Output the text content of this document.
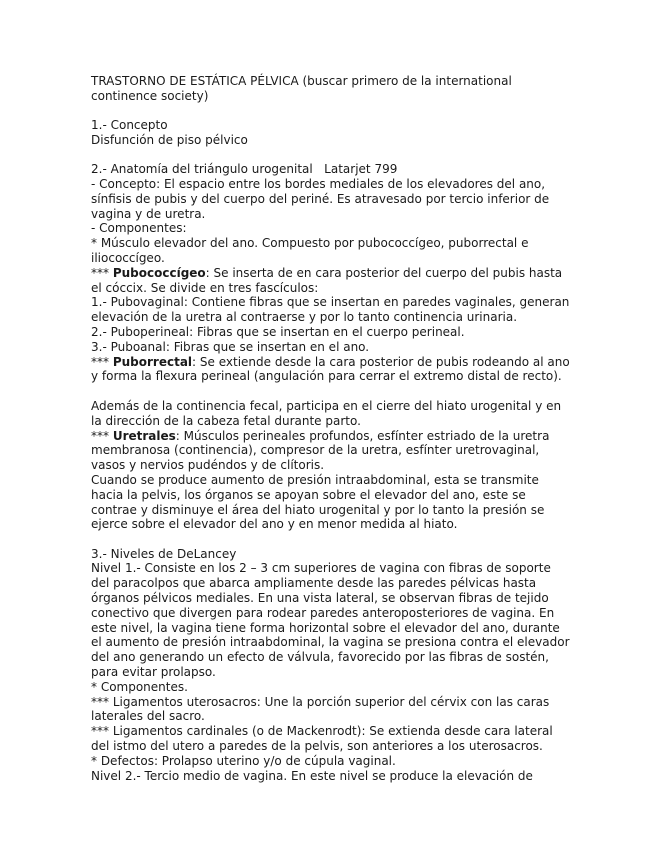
TRASTORNO DE ESTÁTICA PÉLVICA (buscar primero de la international continence society)
1.- Concepto
Disfunción de piso pélvico
2.- Anatomía del triángulo urogenital   Latarjet 799
- Concepto: El espacio entre los bordes mediales de los elevadores del ano, sínfisis de pubis y del cuerpo del periné. Es atravesado por tercio inferior de vagina y de uretra.
- Componentes:
* Músculo elevador del ano. Compuesto por pubococcígeo, puborrectal e iliococcígeo.
*** Pubococcígeo: Se inserta de en cara posterior del cuerpo del pubis hasta el cóccix. Se divide en tres fascículos:
1.- Pubovaginal: Contiene fibras que se insertan en paredes vaginales, generan elevación de la uretra al contraerse y por lo tanto continencia urinaria.
2.- Puboperineal: Fibras que se insertan en el cuerpo perineal.
3.- Puboanal: Fibras que se insertan en el ano.
*** Puborrectal: Se extiende desde la cara posterior de pubis rodeando al ano y forma la flexura perineal (angulación para cerrar el extremo distal de recto).
Además de la continencia fecal, participa en el cierre del hiato urogenital y en la dirección de la cabeza fetal durante parto.
*** Uretrales: Músculos perineales profundos, esfínter estriado de la uretra membranosa (continencia), compresor de la uretra, esfínter uretrovaginal, vasos y nervios pudéndos y de clítoris.
Cuando se produce aumento de presión intraabdominal, esta se transmite hacia la pelvis, los órganos se apoyan sobre el elevador del ano, este se contrae y disminuye el área del hiato urogenital y por lo tanto la presión se ejerce sobre el elevador del ano y en menor medida al hiato.
3.- Niveles de DeLancey
Nivel 1.- Consiste en los 2 – 3 cm superiores de vagina con fibras de soporte del paracolpos que abarca ampliamente desde las paredes pélvicas hasta órganos pélvicos mediales. En una vista lateral, se observan fibras de tejido conectivo que divergen para rodear paredes anteroposteriores de vagina. En este nivel, la vagina tiene forma horizontal sobre el elevador del ano, durante el aumento de presión intraabdominal, la vagina se presiona contra el elevador del ano generando un efecto de válvula, favorecido por las fibras de sostén, para evitar prolapso.
* Componentes.
*** Ligamentos uterosacros: Une la porción superior del cérvix con las caras laterales del sacro.
*** Ligamentos cardinales (o de Mackenrodt): Se extienda desde cara lateral del istmo del utero a paredes de la pelvis, son anteriores a los uterosacros.
* Defectos: Prolapso uterino y/o de cúpula vaginal.
Nivel 2.- Tercio medio de vagina. En este nivel se produce la elevación de
